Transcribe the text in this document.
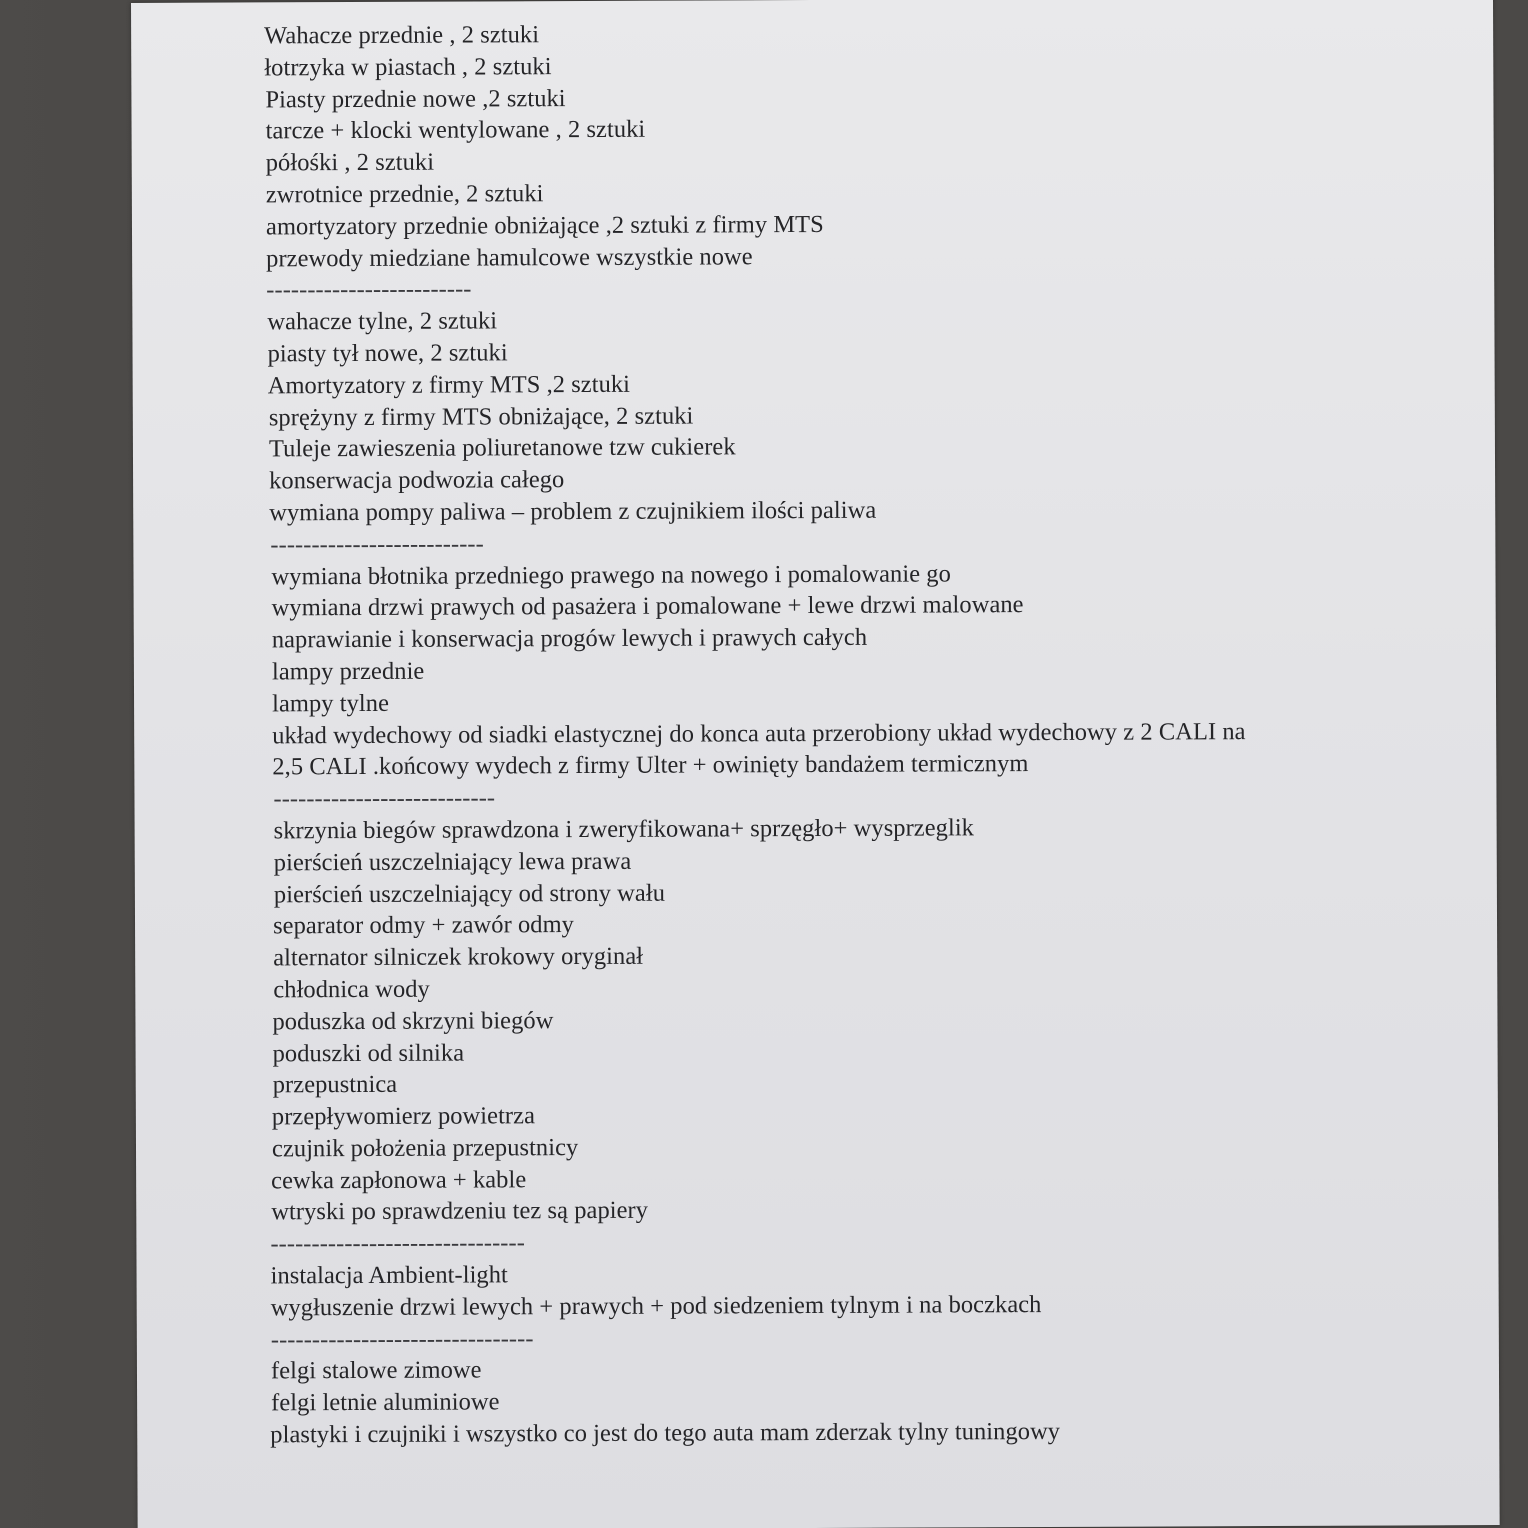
Wahacze przednie , 2 sztuki
łotrzyka w piastach , 2 sztuki
Piasty przednie nowe ,2 sztuki
tarcze + klocki wentylowane , 2 sztuki
półośki , 2 sztuki
zwrotnice przednie, 2 sztuki
amortyzatory przednie obniżające ,2 sztuki z firmy MTS
przewody miedziane hamulcowe wszystkie nowe
-------------------------
wahacze tylne, 2 sztuki
piasty tył nowe, 2 sztuki
Amortyzatory z firmy MTS ,2 sztuki
sprężyny z firmy MTS obniżające, 2 sztuki
Tuleje zawieszenia poliuretanowe tzw cukierek
konserwacja podwozia całego
wymiana pompy paliwa – problem z czujnikiem ilości paliwa
--------------------------
wymiana błotnika przedniego prawego na nowego i pomalowanie go
wymiana drzwi prawych od pasażera i pomalowane + lewe drzwi malowane
naprawianie i konserwacja progów lewych i prawych całych
lampy przednie
lampy tylne
układ wydechowy od siadki elastycznej do konca auta przerobiony układ wydechowy z 2 CALI na
2,5 CALI .końcowy wydech z firmy Ulter + owinięty bandażem termicznym
---------------------------
skrzynia biegów sprawdzona i zweryfikowana+ sprzęgło+ wysprzeglik
pierścień uszczelniający lewa prawa
pierścień uszczelniający od strony wału
separator odmy + zawór odmy
alternator silniczek krokowy oryginał
chłodnica wody
poduszka od skrzyni biegów
poduszki od silnika
przepustnica
przepływomierz powietrza
czujnik położenia przepustnicy
cewka zapłonowa + kable
wtryski po sprawdzeniu tez są papiery
-------------------------------
instalacja Ambient-light
wygłuszenie drzwi lewych + prawych + pod siedzeniem tylnym i na boczkach
--------------------------------
felgi stalowe zimowe
felgi letnie aluminiowe
plastyki i czujniki i wszystko co jest do tego auta mam zderzak tylny tuningowy
